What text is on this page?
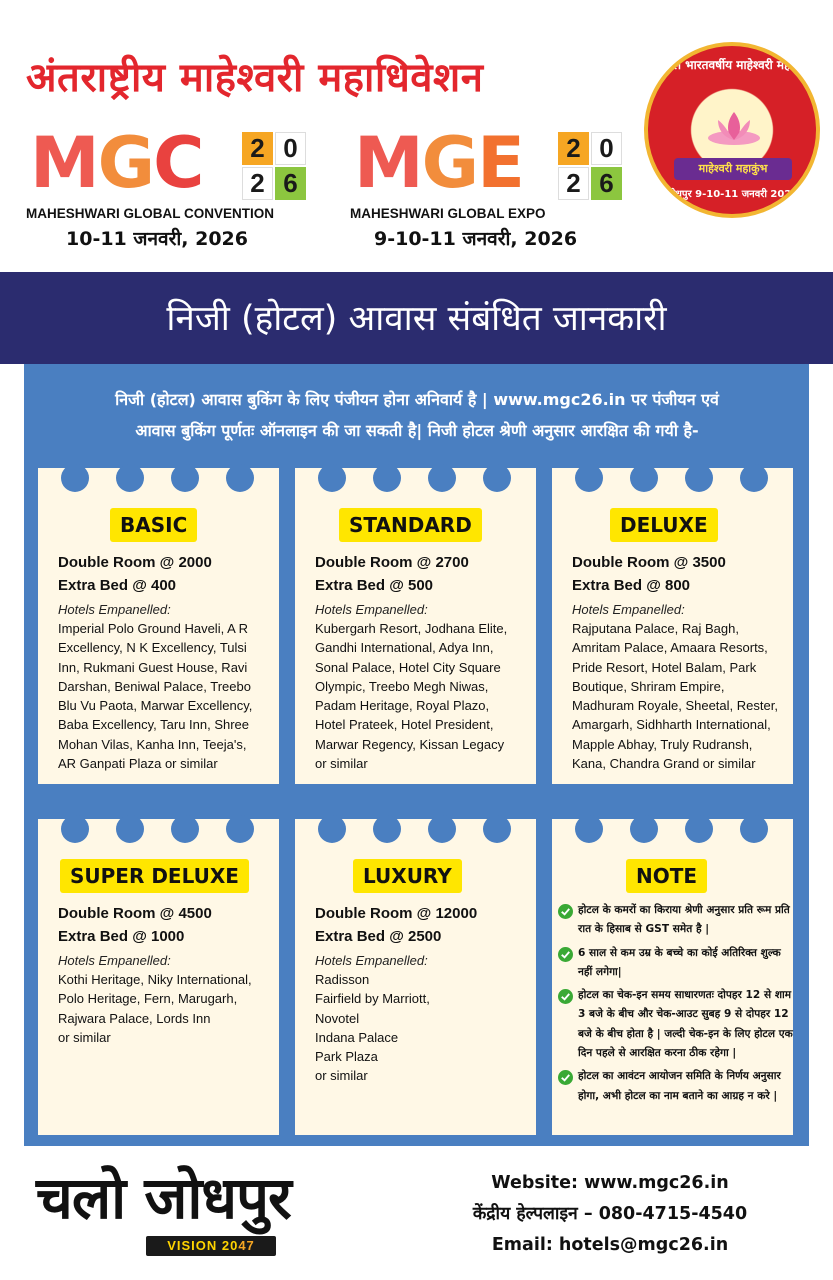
अंतराष्ट्रीय माहेश्वरी महाधिवेशन
MGC	2 0
2 6
MAHESHWARI GLOBAL CONVENTION
10-11 जनवरी, 2026
MGE	2 0
2 6
MAHESHWARI GLOBAL EXPO
9-10-11 जनवरी, 2026
अखिल भारतवर्षीय माहेश्वरी महासभा
माहेश्वरी महाकुंभ
जोधपुर 9-10-11 जनवरी 2026
निजी (होटल) आवास संबंधित जानकारी
निजी (होटल) आवास बुकिंग के लिए पंजीयन होना अनिवार्य है | www.mgc26.in पर पंजीयन एवं
आवास बुकिंग पूर्णतः ऑनलाइन की जा सकती है| निजी होटल श्रेणी अनुसार आरक्षित की गयी है-
BASIC
Double Room @ 2000
Extra Bed @ 400
Hotels Empanelled:
Imperial Polo Ground Haveli, A R
Excellency, N K Excellency, Tulsi
Inn, Rukmani Guest House, Ravi
Darshan, Beniwal Palace, Treebo
Blu Vu Paota, Marwar Excellency,
Baba Excellency, Taru Inn, Shree
Mohan Vilas, Kanha Inn, Teeja's,
AR Ganpati Plaza or similar
STANDARD
Double Room @ 2700
Extra Bed @ 500
Hotels Empanelled:
Kubergarh Resort, Jodhana Elite,
Gandhi International, Adya Inn,
Sonal Palace, Hotel City Square
Olympic, Treebo Megh Niwas,
Padam Heritage, Royal Plazo,
Hotel Prateek, Hotel President,
Marwar Regency, Kissan Legacy
or similar
DELUXE
Double Room @ 3500
Extra Bed @ 800
Hotels Empanelled:
Rajputana Palace, Raj Bagh,
Amritam Palace, Amaara Resorts,
Pride Resort, Hotel Balam, Park
Boutique, Shriram Empire,
Madhuram Royale, Sheetal, Rester,
Amargarh, Sidhharth International,
Mapple Abhay, Truly Rudransh,
Kana, Chandra Grand or similar
SUPER DELUXE
Double Room @ 4500
Extra Bed @ 1000
Hotels Empanelled:
Kothi Heritage, Niky International,
Polo Heritage, Fern, Marugarh,
Rajwara Palace, Lords Inn
or similar
LUXURY
Double Room @ 12000
Extra Bed @ 2500
Hotels Empanelled:
Radisson
Fairfield by Marriott,
Novotel
Indana Palace
Park Plaza
or similar
NOTE
होटल के कमरों का किराया श्रेणी अनुसार प्रति रूम प्रति रात के हिसाब से GST समेत है |
6 साल से कम उम्र के बच्चे का कोई अतिरिक्त शुल्क नहीं लगेगा|
होटल का चेक-इन समय साधारणतः दोपहर 12 से शाम 3 बजे के बीच और चेक-आउट सुबह 9 से दोपहर 12 बजे के बीच होता है | जल्दी चेक-इन के लिए होटल एक दिन पहले से आरक्षित करना ठीक रहेगा |
होटल का आवंटन आयोजन समिति के निर्णय अनुसार होगा, अभी होटल का नाम बताने का आग्रह न करे |
चलो जोधपुर
VISION 2047
Website: www.mgc26.in
केंद्रीय हेल्पलाइन – 080-4715-4540
Email: hotels@mgc26.in
